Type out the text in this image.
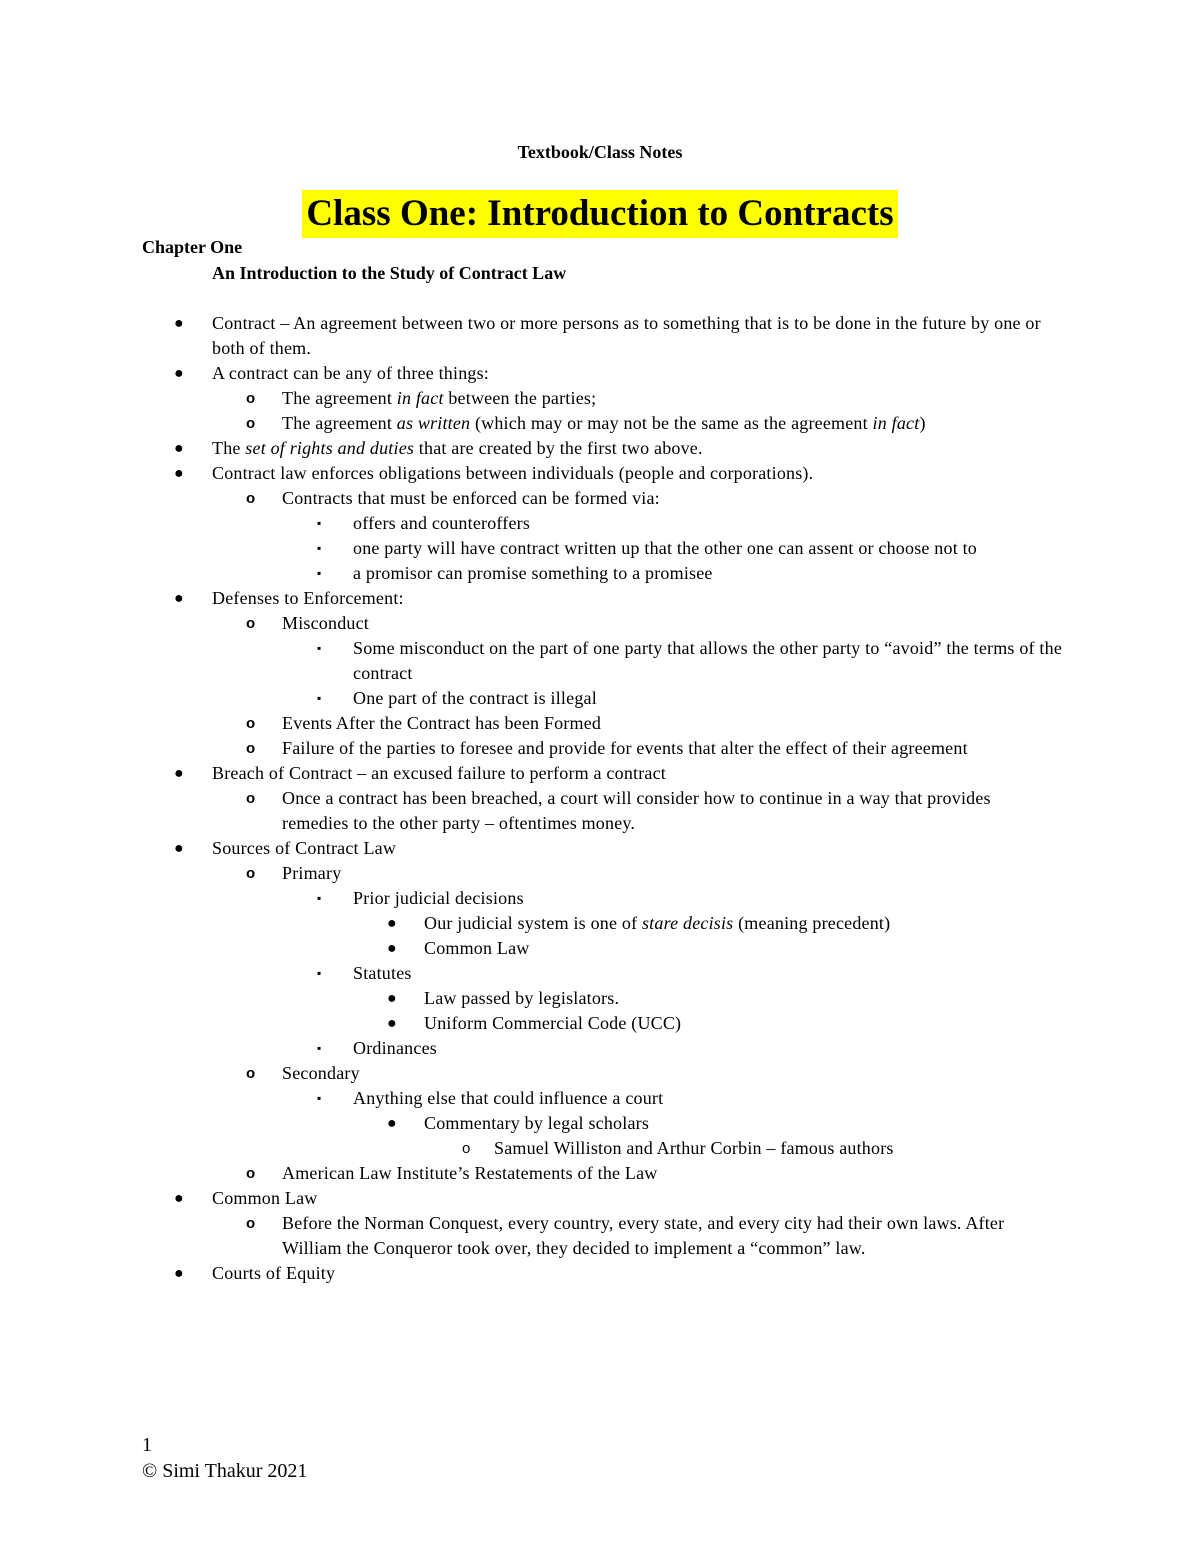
Textbook/Class Notes
Class One: Introduction to Contracts
Chapter One
An Introduction to the Study of Contract Law
● Contract – An agreement between two or more persons as to something that is to be done in the future by one or both of them.
● A contract can be any of three things:
o The agreement in fact between the parties;
o The agreement as written (which may or may not be the same as the agreement in fact)
● The set of rights and duties that are created by the first two above.
● Contract law enforces obligations between individuals (people and corporations).
o Contracts that must be enforced can be formed via:
▪ offers and counteroffers
▪ one party will have contract written up that the other one can assent or choose not to
▪ a promisor can promise something to a promisee
● Defenses to Enforcement:
o Misconduct
▪ Some misconduct on the part of one party that allows the other party to “avoid” the terms of the contract
▪ One part of the contract is illegal
o Events After the Contract has been Formed
o Failure of the parties to foresee and provide for events that alter the effect of their agreement
● Breach of Contract – an excused failure to perform a contract
o Once a contract has been breached, a court will consider how to continue in a way that provides remedies to the other party – oftentimes money.
● Sources of Contract Law
o Primary
▪ Prior judicial decisions
● Our judicial system is one of stare decisis (meaning precedent)
● Common Law
▪ Statutes
● Law passed by legislators.
● Uniform Commercial Code (UCC)
▪ Ordinances
o Secondary
▪ Anything else that could influence a court
● Commentary by legal scholars
o Samuel Williston and Arthur Corbin – famous authors
o American Law Institute’s Restatements of the Law
● Common Law
o Before the Norman Conquest, every country, every state, and every city had their own laws. After William the Conqueror took over, they decided to implement a “common” law.
● Courts of Equity
1
© Simi Thakur 2021
